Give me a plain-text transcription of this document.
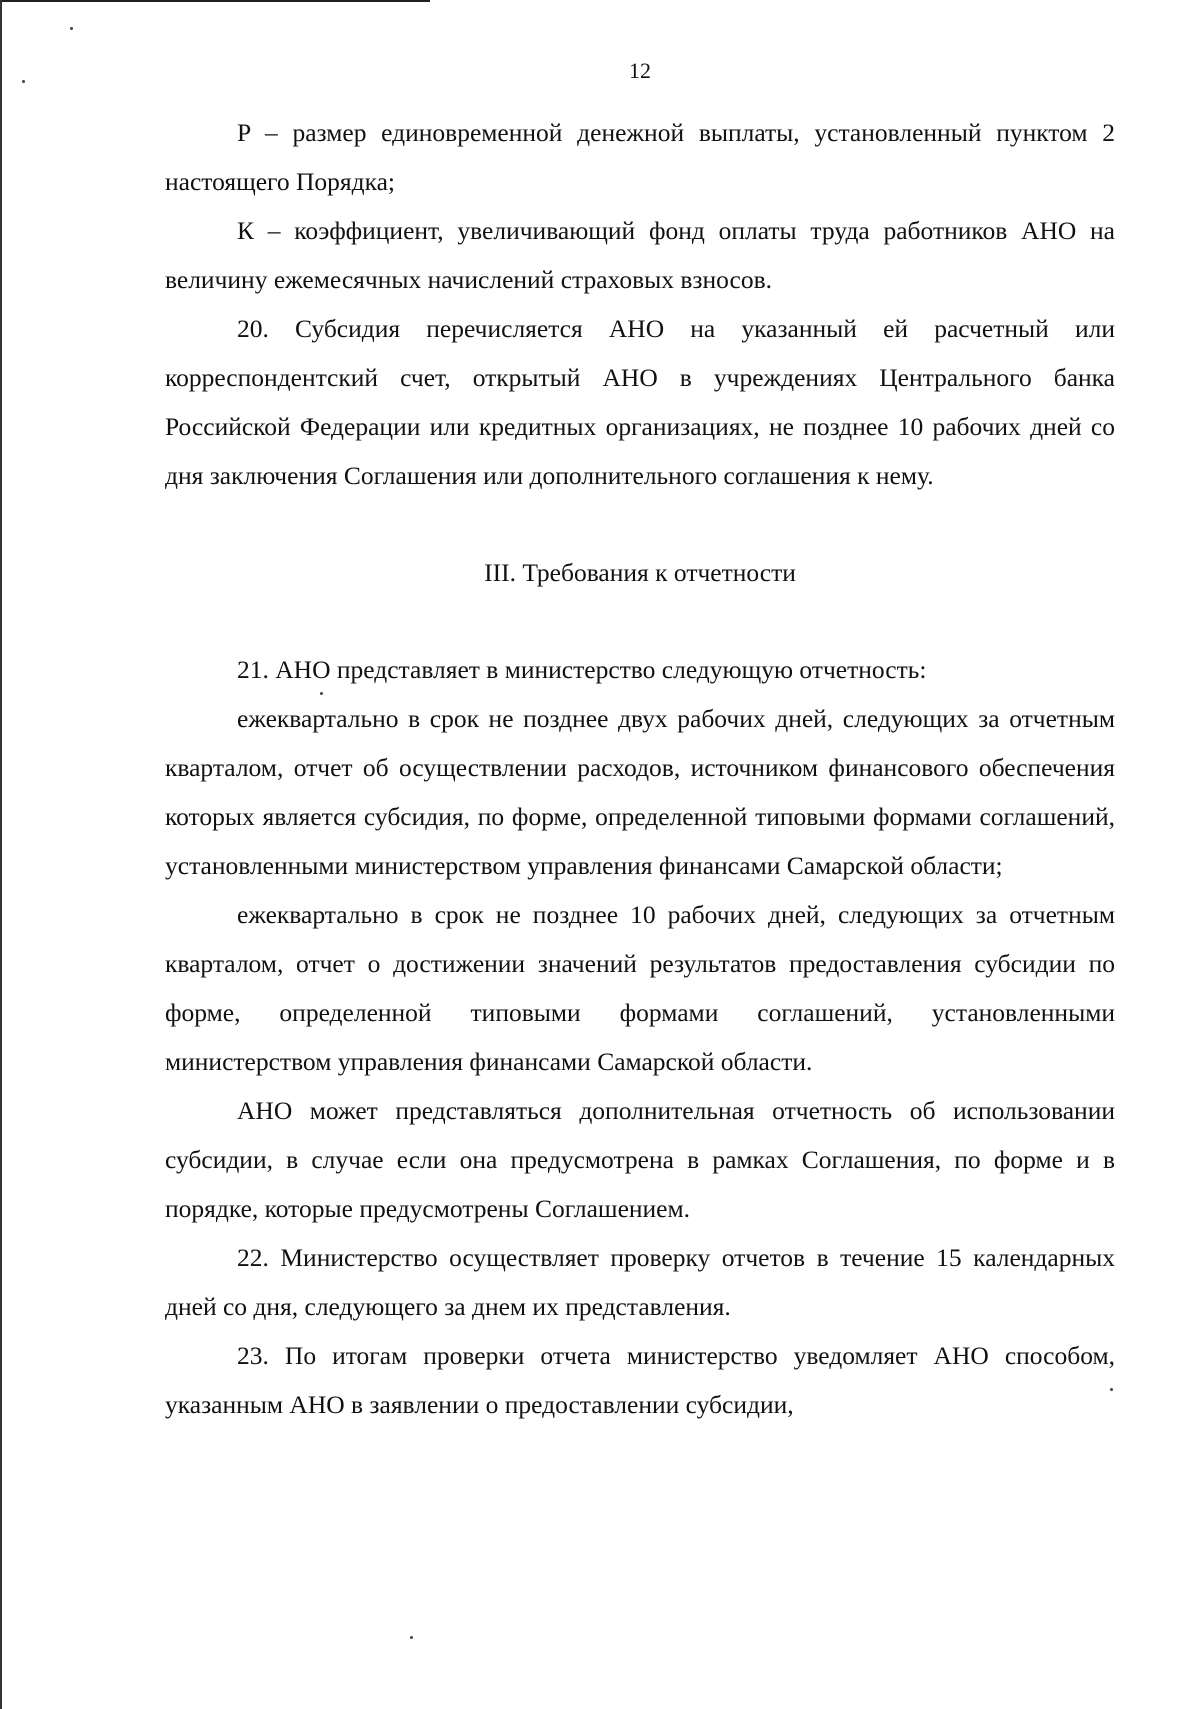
12

P – размер единовременной денежной выплаты, установленный пунктом 2 настоящего Порядка;

К – коэффициент, увеличивающий фонд оплаты труда работников АНО на величину ежемесячных начислений страховых взносов.

20. Субсидия перечисляется АНО на указанный ей расчетный или корреспондентский счет, открытый АНО в учреждениях Центрального банка Российской Федерации или кредитных организациях, не позднее 10 рабочих дней со дня заключения Соглашения или дополнительного соглашения к нему.

III. Требования к отчетности

21. АНО представляет в министерство следующую отчетность:

ежеквартально в срок не позднее двух рабочих дней, следующих за отчетным кварталом, отчет об осуществлении расходов, источником финансового обеспечения которых является субсидия, по форме, определенной типовыми формами соглашений, установленными министерством управления финансами Самарской области;

ежеквартально в срок не позднее 10 рабочих дней, следующих за отчетным кварталом, отчет о достижении значений результатов предоставления субсидии по форме, определенной типовыми формами соглашений, установленными министерством управления финансами Самарской области.

АНО может представляться дополнительная отчетность об использовании субсидии, в случае если она предусмотрена в рамках Соглашения, по форме и в порядке, которые предусмотрены Соглашением.

22. Министерство осуществляет проверку отчетов в течение 15 календарных дней со дня, следующего за днем их представления.

23. По итогам проверки отчета министерство уведомляет АНО способом, указанным АНО в заявлении о предоставлении субсидии,
